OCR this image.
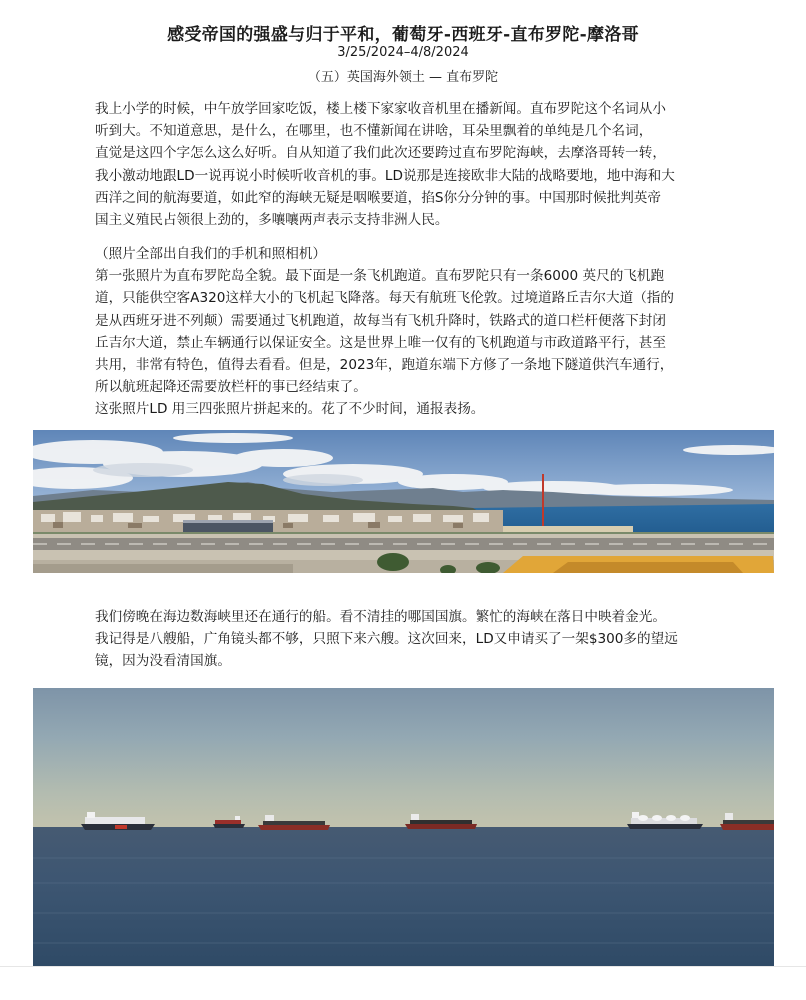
感受帝国的强盛与归于平和，葡萄牙-西班牙-直布罗陀-摩洛哥
3/25/2024–4/8/2024
（五）英国海外领土 — 直布罗陀
我上小学的时候，中午放学回家吃饭，楼上楼下家家收音机里在播新闻。直布罗陀这个名词从小
听到大。不知道意思，是什么，在哪里，也不懂新闻在讲啥，耳朵里飘着的单纯是几个名词，
直觉是这四个字怎么这么好听。自从知道了我们此次还要跨过直布罗陀海峡，去摩洛哥转一转，
我小激动地跟LD一说再说小时候听收音机的事。LD说那是连接欧非大陆的战略要地，地中海和大
西洋之间的航海要道，如此窄的海峡无疑是咽喉要道，掐S你分分钟的事。中国那时候批判英帝
国主义殖民占领很上劲的，多嚷嚷两声表示支持非洲人民。
（照片全部出自我们的手机和照相机）
第一张照片为直布罗陀岛全貌。最下面是一条飞机跑道。直布罗陀只有一条6000 英尺的飞机跑
道，只能供空客A320这样大小的飞机起飞降落。每天有航班飞伦敦。过境道路丘吉尔大道（指的
是从西班牙进不列颠）需要通过飞机跑道，故每当有飞机升降时，铁路式的道口栏杆便落下封闭
丘吉尔大道，禁止车辆通行以保证安全。这是世界上唯一仅有的飞机跑道与市政道路平行，甚至
共用，非常有特色，值得去看看。但是，2023年，跑道东端下方修了一条地下隧道供汽车通行，
所以航班起降还需要放栏杆的事已经结束了。
这张照片LD 用三四张照片拼起来的。花了不少时间，通报表扬。
我们傍晚在海边数海峡里还在通行的船。看不清挂的哪国国旗。繁忙的海峡在落日中映着金光。
我记得是八艘船，广角镜头都不够，只照下来六艘。这次回来，LD又申请买了一架$300多的望远
镜，因为没看清国旗。
